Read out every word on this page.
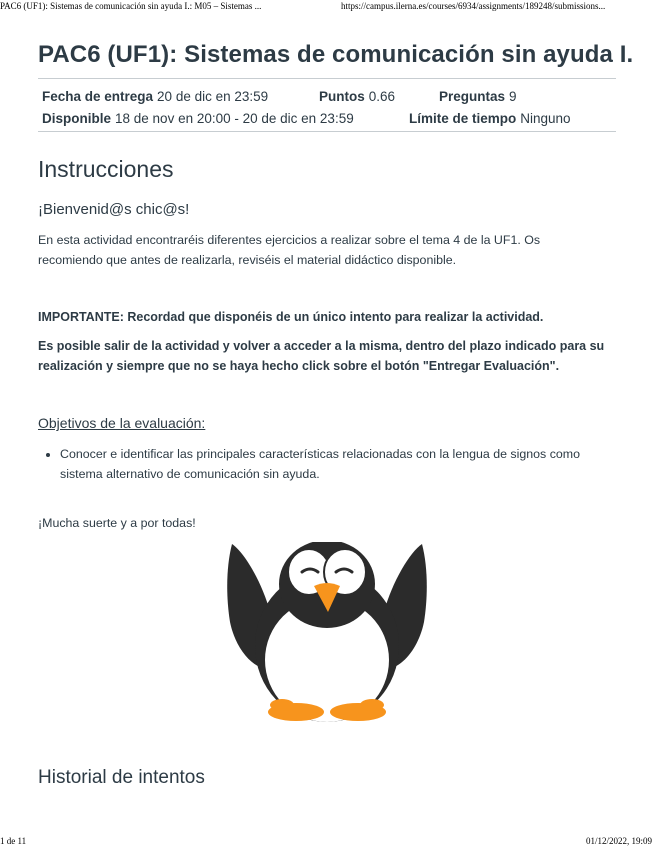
PAC6 (UF1): Sistemas de comunicación sin ayuda I.: M05 – Sistemas ...	https://campus.ilerna.es/courses/6934/assignments/189248/submissions...
PAC6 (UF1): Sistemas de comunicación sin ayuda I.
Fecha de entrega 20 de dic en 23:59	Puntos 0.66	Preguntas 9
Disponible 18 de nov en 20:00 - 20 de dic en 23:59	Límite de tiempo Ninguno
Instrucciones
¡Bienvenid@s chic@s!
En esta actividad encontraréis diferentes ejercicios a realizar sobre el tema 4 de la UF1. Os recomiendo que antes de realizarla, reviséis el material didáctico disponible.
IMPORTANTE: Recordad que disponéis de un único intento para realizar la actividad.
Es posible salir de la actividad y volver a acceder a la misma, dentro del plazo indicado para su realización y siempre que no se haya hecho click sobre el botón "Entregar Evaluación".
Objetivos de la evaluación:
• Conocer e identificar las principales características relacionadas con la lengua de signos como sistema alternativo de comunicación sin ayuda.
¡Mucha suerte y a por todas!
Historial de intentos
1 de 11	01/12/2022, 19:09
